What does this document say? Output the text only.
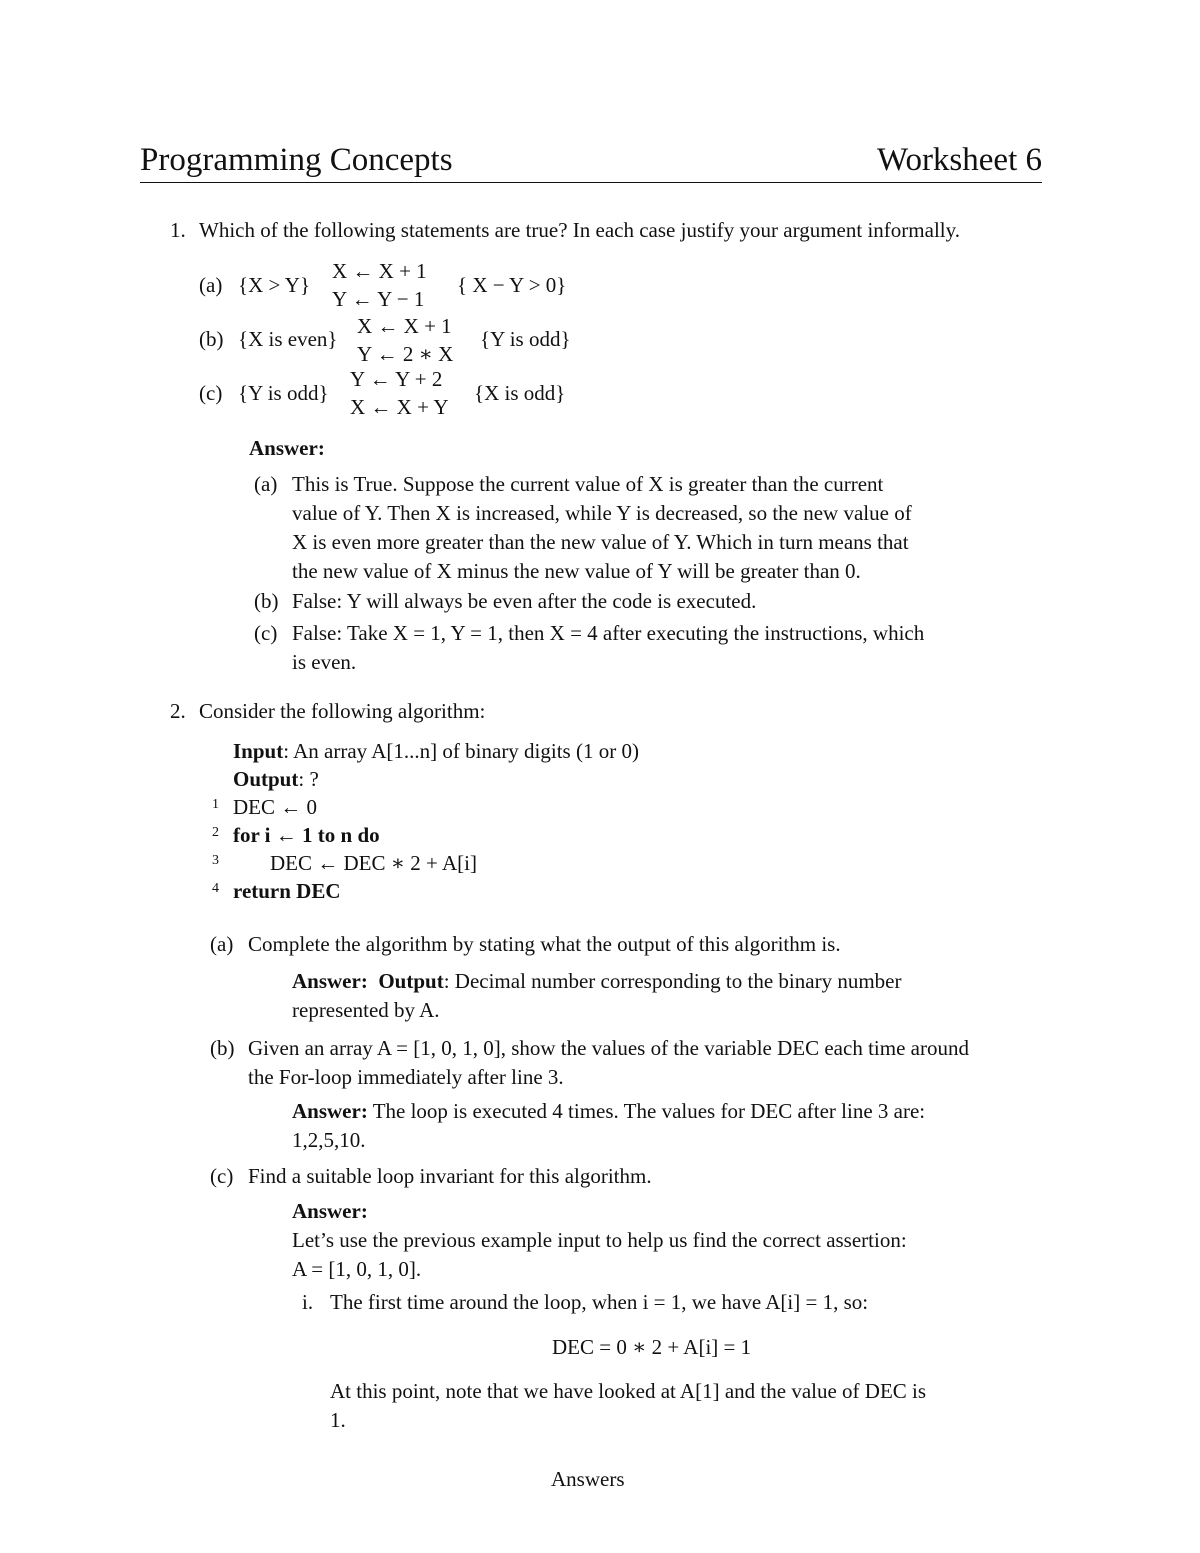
Programming Concepts	Worksheet 6
1. Which of the following statements are true? In each case justify your argument informally.
(a) {X > Y}
X ← X + 1
Y ← Y − 1
{ X − Y > 0}
(b) {X is even}
X ← X + 1
Y ← 2 ∗ X
{Y is odd}
(c) {Y is odd}
Y ← Y + 2
X ← X + Y
{X is odd}
Answer:
(a) This is True. Suppose the current value of X is greater than the current
value of Y. Then X is increased, while Y is decreased, so the new value of
X is even more greater than the new value of Y. Which in turn means that
the new value of X minus the new value of Y will be greater than 0.
(b) False: Y will always be even after the code is executed.
(c) False: Take X = 1, Y = 1, then X = 4 after executing the instructions, which
is even.
2. Consider the following algorithm:
Input: An array A[1...n] of binary digits (1 or 0)
Output: ?
1 DEC ← 0
2 for i ← 1 to n do
3 DEC ← DEC ∗ 2 + A[i]
4 return DEC
(a) Complete the algorithm by stating what the output of this algorithm is.
Answer: Output: Decimal number corresponding to the binary number
represented by A.
(b) Given an array A = [1, 0, 1, 0], show the values of the variable DEC each time around
the For-loop immediately after line 3.
Answer: The loop is executed 4 times. The values for DEC after line 3 are:
1,2,5,10.
(c) Find a suitable loop invariant for this algorithm.
Answer:
Let’s use the previous example input to help us find the correct assertion:
A = [1, 0, 1, 0].
i. The first time around the loop, when i = 1, we have A[i] = 1, so:
DEC = 0 ∗ 2 + A[i] = 1
At this point, note that we have looked at A[1] and the value of DEC is
1.
Answers
